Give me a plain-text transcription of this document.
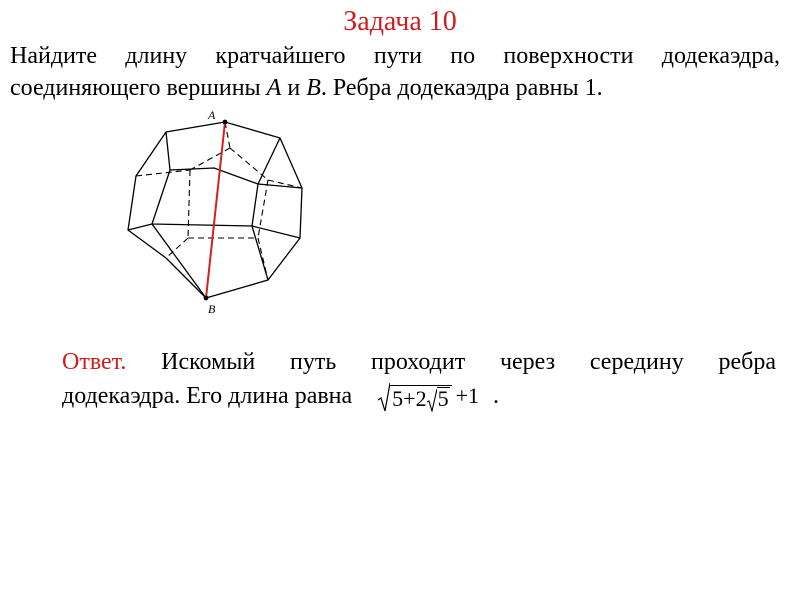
Задача 10
Найдите длину кратчайшего пути по поверхности додекаэдра, соединяющего вершины A и B. Ребра додекаэдра равны 1.
A
B
Ответ. Искомый путь проходит через середину ребра
додекаэдра. Его длина равна 5+2 5 + 1 .
